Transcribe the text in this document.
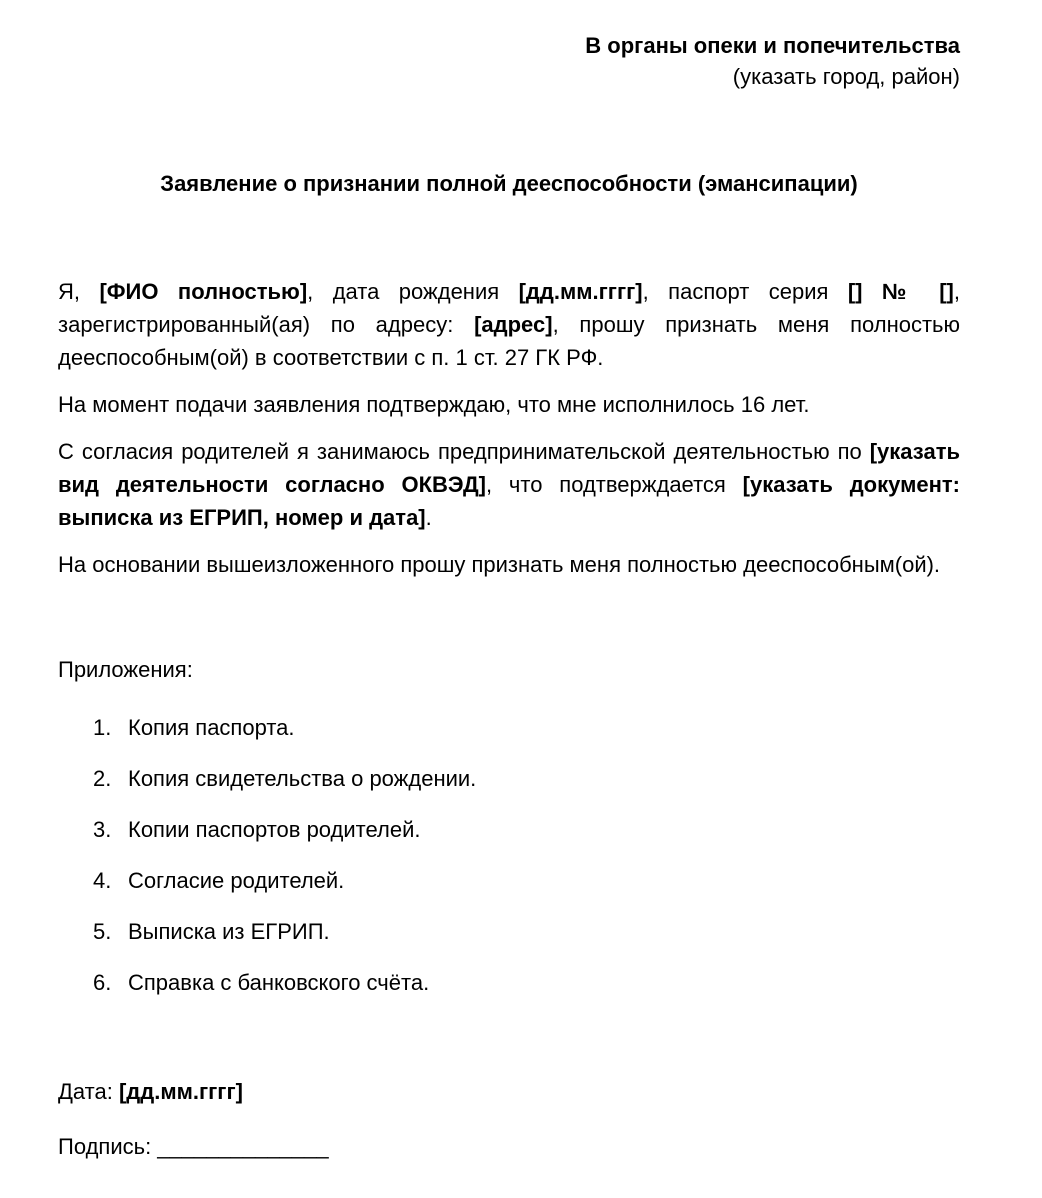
В органы опеки и попечительства
(указать город, район)
Заявление о признании полной дееспособности (эмансипации)

Я, [ФИО полностью], дата рождения [дд.мм.гггг], паспорт серия [] № [], зарегистрированный(ая) по адресу: [адрес], прошу признать меня полностью дееспособным(ой) в соответствии с п. 1 ст. 27 ГК РФ.

На момент подачи заявления подтверждаю, что мне исполнилось 16 лет.

С согласия родителей я занимаюсь предпринимательской деятельностью по [указать вид деятельности согласно ОКВЭД], что подтверждается [указать документ: выписка из ЕГРИП, номер и дата].

На основании вышеизложенного прошу признать меня полностью дееспособным(ой).

Приложения:
1. Копия паспорта.
2. Копия свидетельства о рождении.
3. Копии паспортов родителей.
4. Согласие родителей.
5. Выписка из ЕГРИП.
6. Справка с банковского счёта.
Дата: [дд.мм.гггг]
Подпись: ______________
